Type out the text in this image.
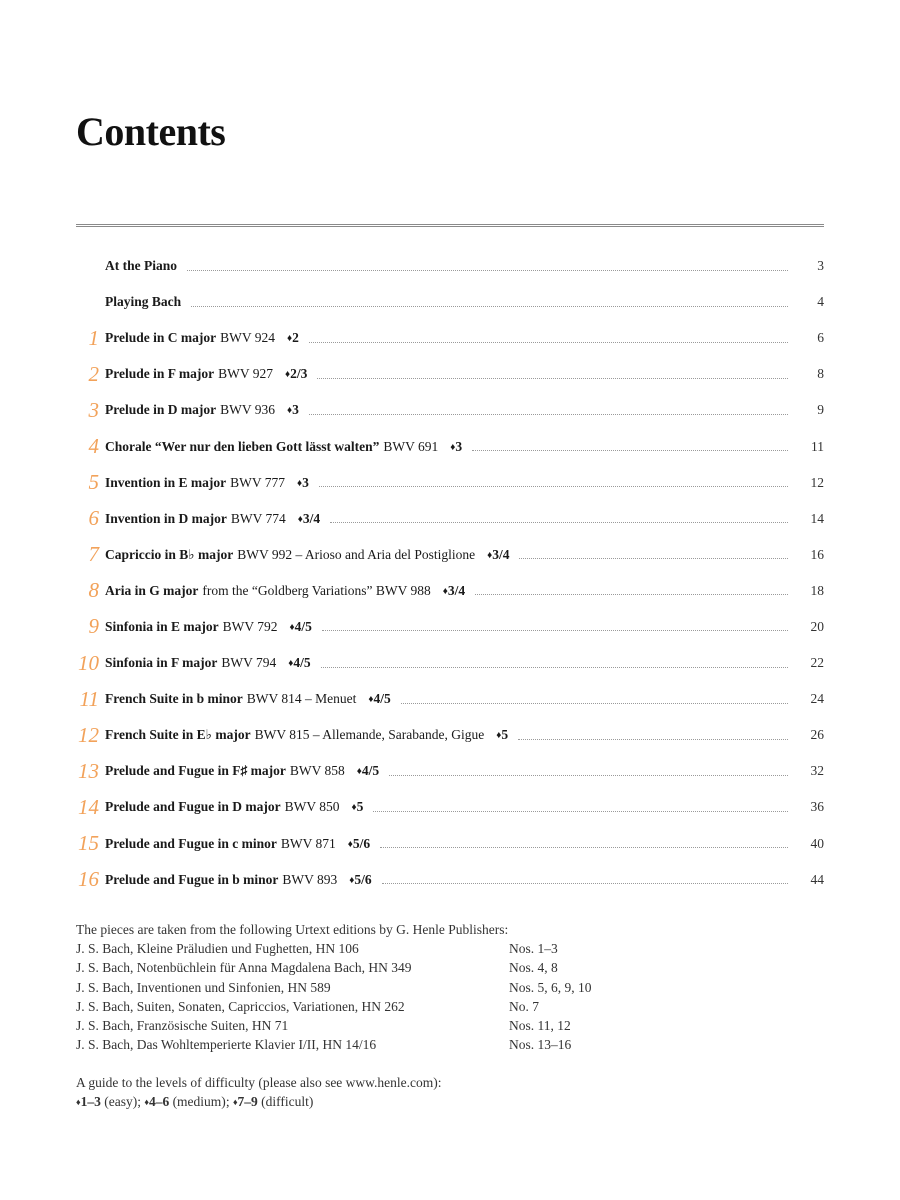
Contents
At the Piano	3
Playing Bach	4
1 Prelude in C major BWV 924 ♦2	6
2 Prelude in F major BWV 927 ♦2/3	8
3 Prelude in D major BWV 936 ♦3	9
4 Chorale “Wer nur den lieben Gott lässt walten” BWV 691 ♦3	11
5 Invention in E major BWV 777 ♦3	12
6 Invention in D major BWV 774 ♦3/4	14
7 Capriccio in B♭ major BWV 992 – Arioso and Aria del Postiglione ♦3/4	16
8 Aria in G major from the “Goldberg Variations” BWV 988 ♦3/4	18
9 Sinfonia in E major BWV 792 ♦4/5	20
10 Sinfonia in F major BWV 794 ♦4/5	22
11 French Suite in b minor BWV 814 – Menuet ♦4/5	24
12 French Suite in E♭ major BWV 815 – Allemande, Sarabande, Gigue ♦5	26
13 Prelude and Fugue in F♯ major BWV 858 ♦4/5	32
14 Prelude and Fugue in D major BWV 850 ♦5	36
15 Prelude and Fugue in c minor BWV 871 ♦5/6	40
16 Prelude and Fugue in b minor BWV 893 ♦5/6	44

The pieces are taken from the following Urtext editions by G. Henle Publishers:

J. S. Bach, Kleine Präludien und Fughetten, HN 106	Nos. 1–3
J. S. Bach, Notenbüchlein für Anna Magdalena Bach, HN 349	Nos. 4, 8
J. S. Bach, Inventionen und Sinfonien, HN 589	Nos. 5, 6, 9, 10
J. S. Bach, Suiten, Sonaten, Capriccios, Variationen, HN 262	No. 7
J. S. Bach, Französische Suiten, HN 71	Nos. 11, 12
J. S. Bach, Das Wohltemperierte Klavier I/II, HN 14/16	Nos. 13–16

A guide to the levels of difficulty (please also see www.henle.com):

♦1–3 (easy); ♦4–6 (medium); ♦7–9 (difficult)
